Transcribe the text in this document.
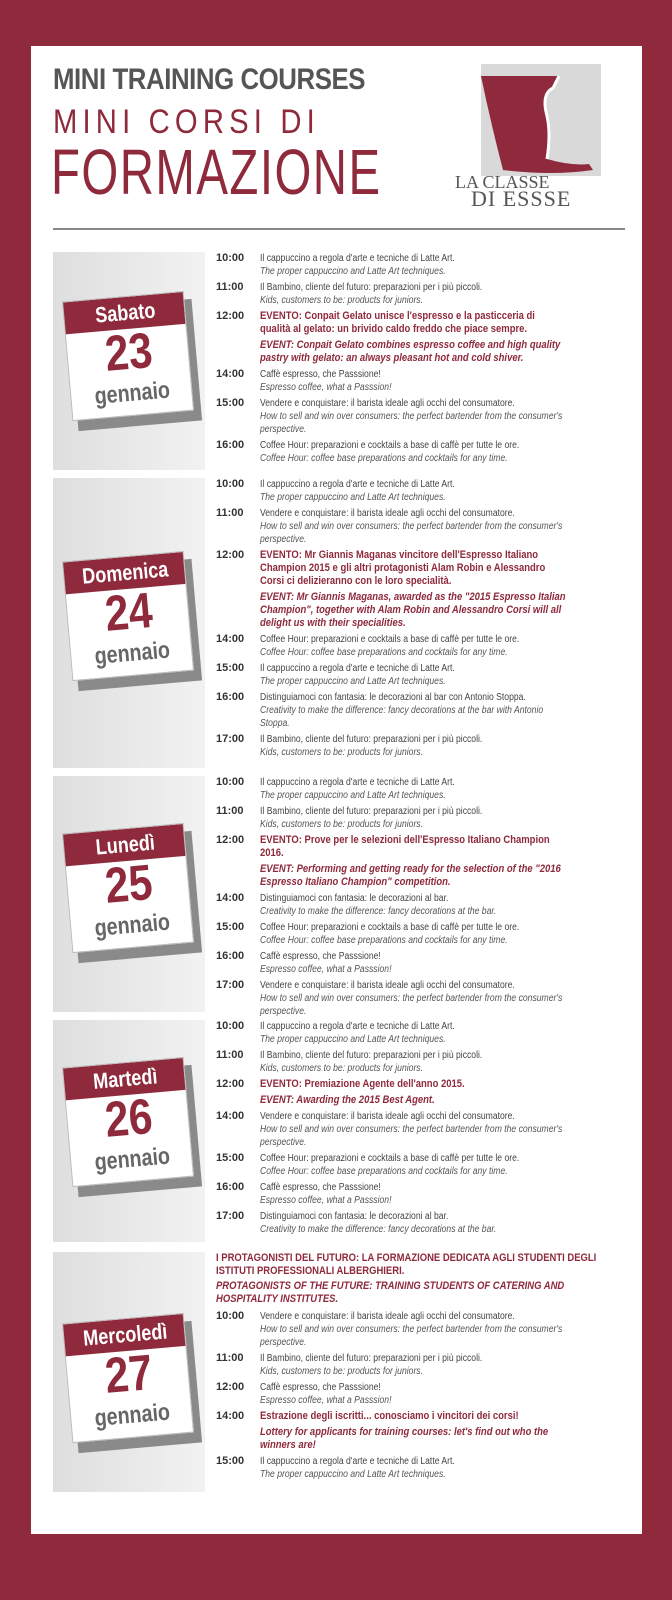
MINI TRAINING COURSES
MINI CORSI DI
FORMAZIONE	LA CLASSE
DI ESSSE
Sabato
23
gennaio
10:00	Il cappuccino a regola d'arte e tecniche di Latte Art.
The proper cappuccino and Latte Art techniques.
11:00	Il Bambino, cliente del futuro: preparazioni per i più piccoli.
Kids, customers to be: products for juniors.
12:00	EVENTO: Conpait Gelato unisce l'espresso e la pasticceria di qualità al gelato: un brivido caldo freddo che piace sempre.
EVENT: Conpait Gelato combines espresso coffee and high quality pastry with gelato: an always pleasant hot and cold shiver.
14:00	Caffè espresso, che Passsione!
Espresso coffee, what a Passsion!
15:00	Vendere e conquistare: il barista ideale agli occhi del consumatore.
How to sell and win over consumers: the perfect bartender from the consumer's perspective.
16:00	Coffee Hour: preparazioni e cocktails a base di caffè per tutte le ore.
Coffee Hour: coffee base preparations and cocktails for any time.
Domenica
24
gennaio
10:00	Il cappuccino a regola d'arte e tecniche di Latte Art.
The proper cappuccino and Latte Art techniques.
11:00	Vendere e conquistare: il barista ideale agli occhi del consumatore.
How to sell and win over consumers: the perfect bartender from the consumer's perspective.
12:00	EVENTO: Mr Giannis Maganas vincitore dell'Espresso Italiano Champion 2015 e gli altri protagonisti Alam Robin e Alessandro Corsi ci delizieranno con le loro specialità.
EVENT: Mr Giannis Maganas, awarded as the "2015 Espresso Italian Champion", together with Alam Robin and Alessandro Corsi will all delight us with their specialities.
14:00	Coffee Hour: preparazioni e cocktails a base di caffè per tutte le ore.
Coffee Hour: coffee base preparations and cocktails for any time.
15:00	Il cappuccino a regola d'arte e tecniche di Latte Art.
The proper cappuccino and Latte Art techniques.
16:00	Distinguiamoci con fantasia: le decorazioni al bar con Antonio Stoppa.
Creativity to make the difference: fancy decorations at the bar with Antonio Stoppa.
17:00	Il Bambino, cliente del futuro: preparazioni per i più piccoli.
Kids, customers to be: products for juniors.
Lunedì
25
gennaio
10:00	Il cappuccino a regola d'arte e tecniche di Latte Art.
The proper cappuccino and Latte Art techniques.
11:00	Il Bambino, cliente del futuro: preparazioni per i più piccoli.
Kids, customers to be: products for juniors.
12:00	EVENTO: Prove per le selezioni dell'Espresso Italiano Champion 2016.
EVENT: Performing and getting ready for the selection of the "2016 Espresso Italiano Champion" competition.
14:00	Distinguiamoci con fantasia: le decorazioni al bar.
Creativity to make the difference: fancy decorations at the bar.
15:00	Coffee Hour: preparazioni e cocktails a base di caffè per tutte le ore.
Coffee Hour: coffee base preparations and cocktails for any time.
16:00	Caffè espresso, che Passsione!
Espresso coffee, what a Passsion!
17:00	Vendere e conquistare: il barista ideale agli occhi del consumatore.
How to sell and win over consumers: the perfect bartender from the consumer's perspective.
Martedì
26
gennaio
10:00	Il cappuccino a regola d'arte e tecniche di Latte Art.
The proper cappuccino and Latte Art techniques.
11:00	Il Bambino, cliente del futuro: preparazioni per i più piccoli.
Kids, customers to be: products for juniors.
12:00	EVENTO: Premiazione Agente dell'anno 2015.
EVENT: Awarding the 2015 Best Agent.
14:00	Vendere e conquistare: il barista ideale agli occhi del consumatore.
How to sell and win over consumers: the perfect bartender from the consumer's perspective.
15:00	Coffee Hour: preparazioni e cocktails a base di caffè per tutte le ore.
Coffee Hour: coffee base preparations and cocktails for any time.
16:00	Caffè espresso, che Passsione!
Espresso coffee, what a Passsion!
17:00	Distinguiamoci con fantasia: le decorazioni al bar.
Creativity to make the difference: fancy decorations at the bar.
Mercoledì
27
gennaio
I PROTAGONISTI DEL FUTURO: LA FORMAZIONE DEDICATA AGLI STUDENTI DEGLI ISTITUTI PROFESSIONALI ALBERGHIERI.
PROTAGONISTS OF THE FUTURE: TRAINING STUDENTS OF CATERING AND HOSPITALITY INSTITUTES.
10:00	Vendere e conquistare: il barista ideale agli occhi del consumatore.
How to sell and win over consumers: the perfect bartender from the consumer's perspective.
11:00	Il Bambino, cliente del futuro: preparazioni per i più piccoli.
Kids, customers to be: products for juniors.
12:00	Caffè espresso, che Passsione!
Espresso coffee, what a Passsion!
14:00	Estrazione degli iscritti... conosciamo i vincitori dei corsi!
Lottery for applicants for training courses: let's find out who the winners are!
15:00	Il cappuccino a regola d'arte e tecniche di Latte Art.
The proper cappuccino and Latte Art techniques.
